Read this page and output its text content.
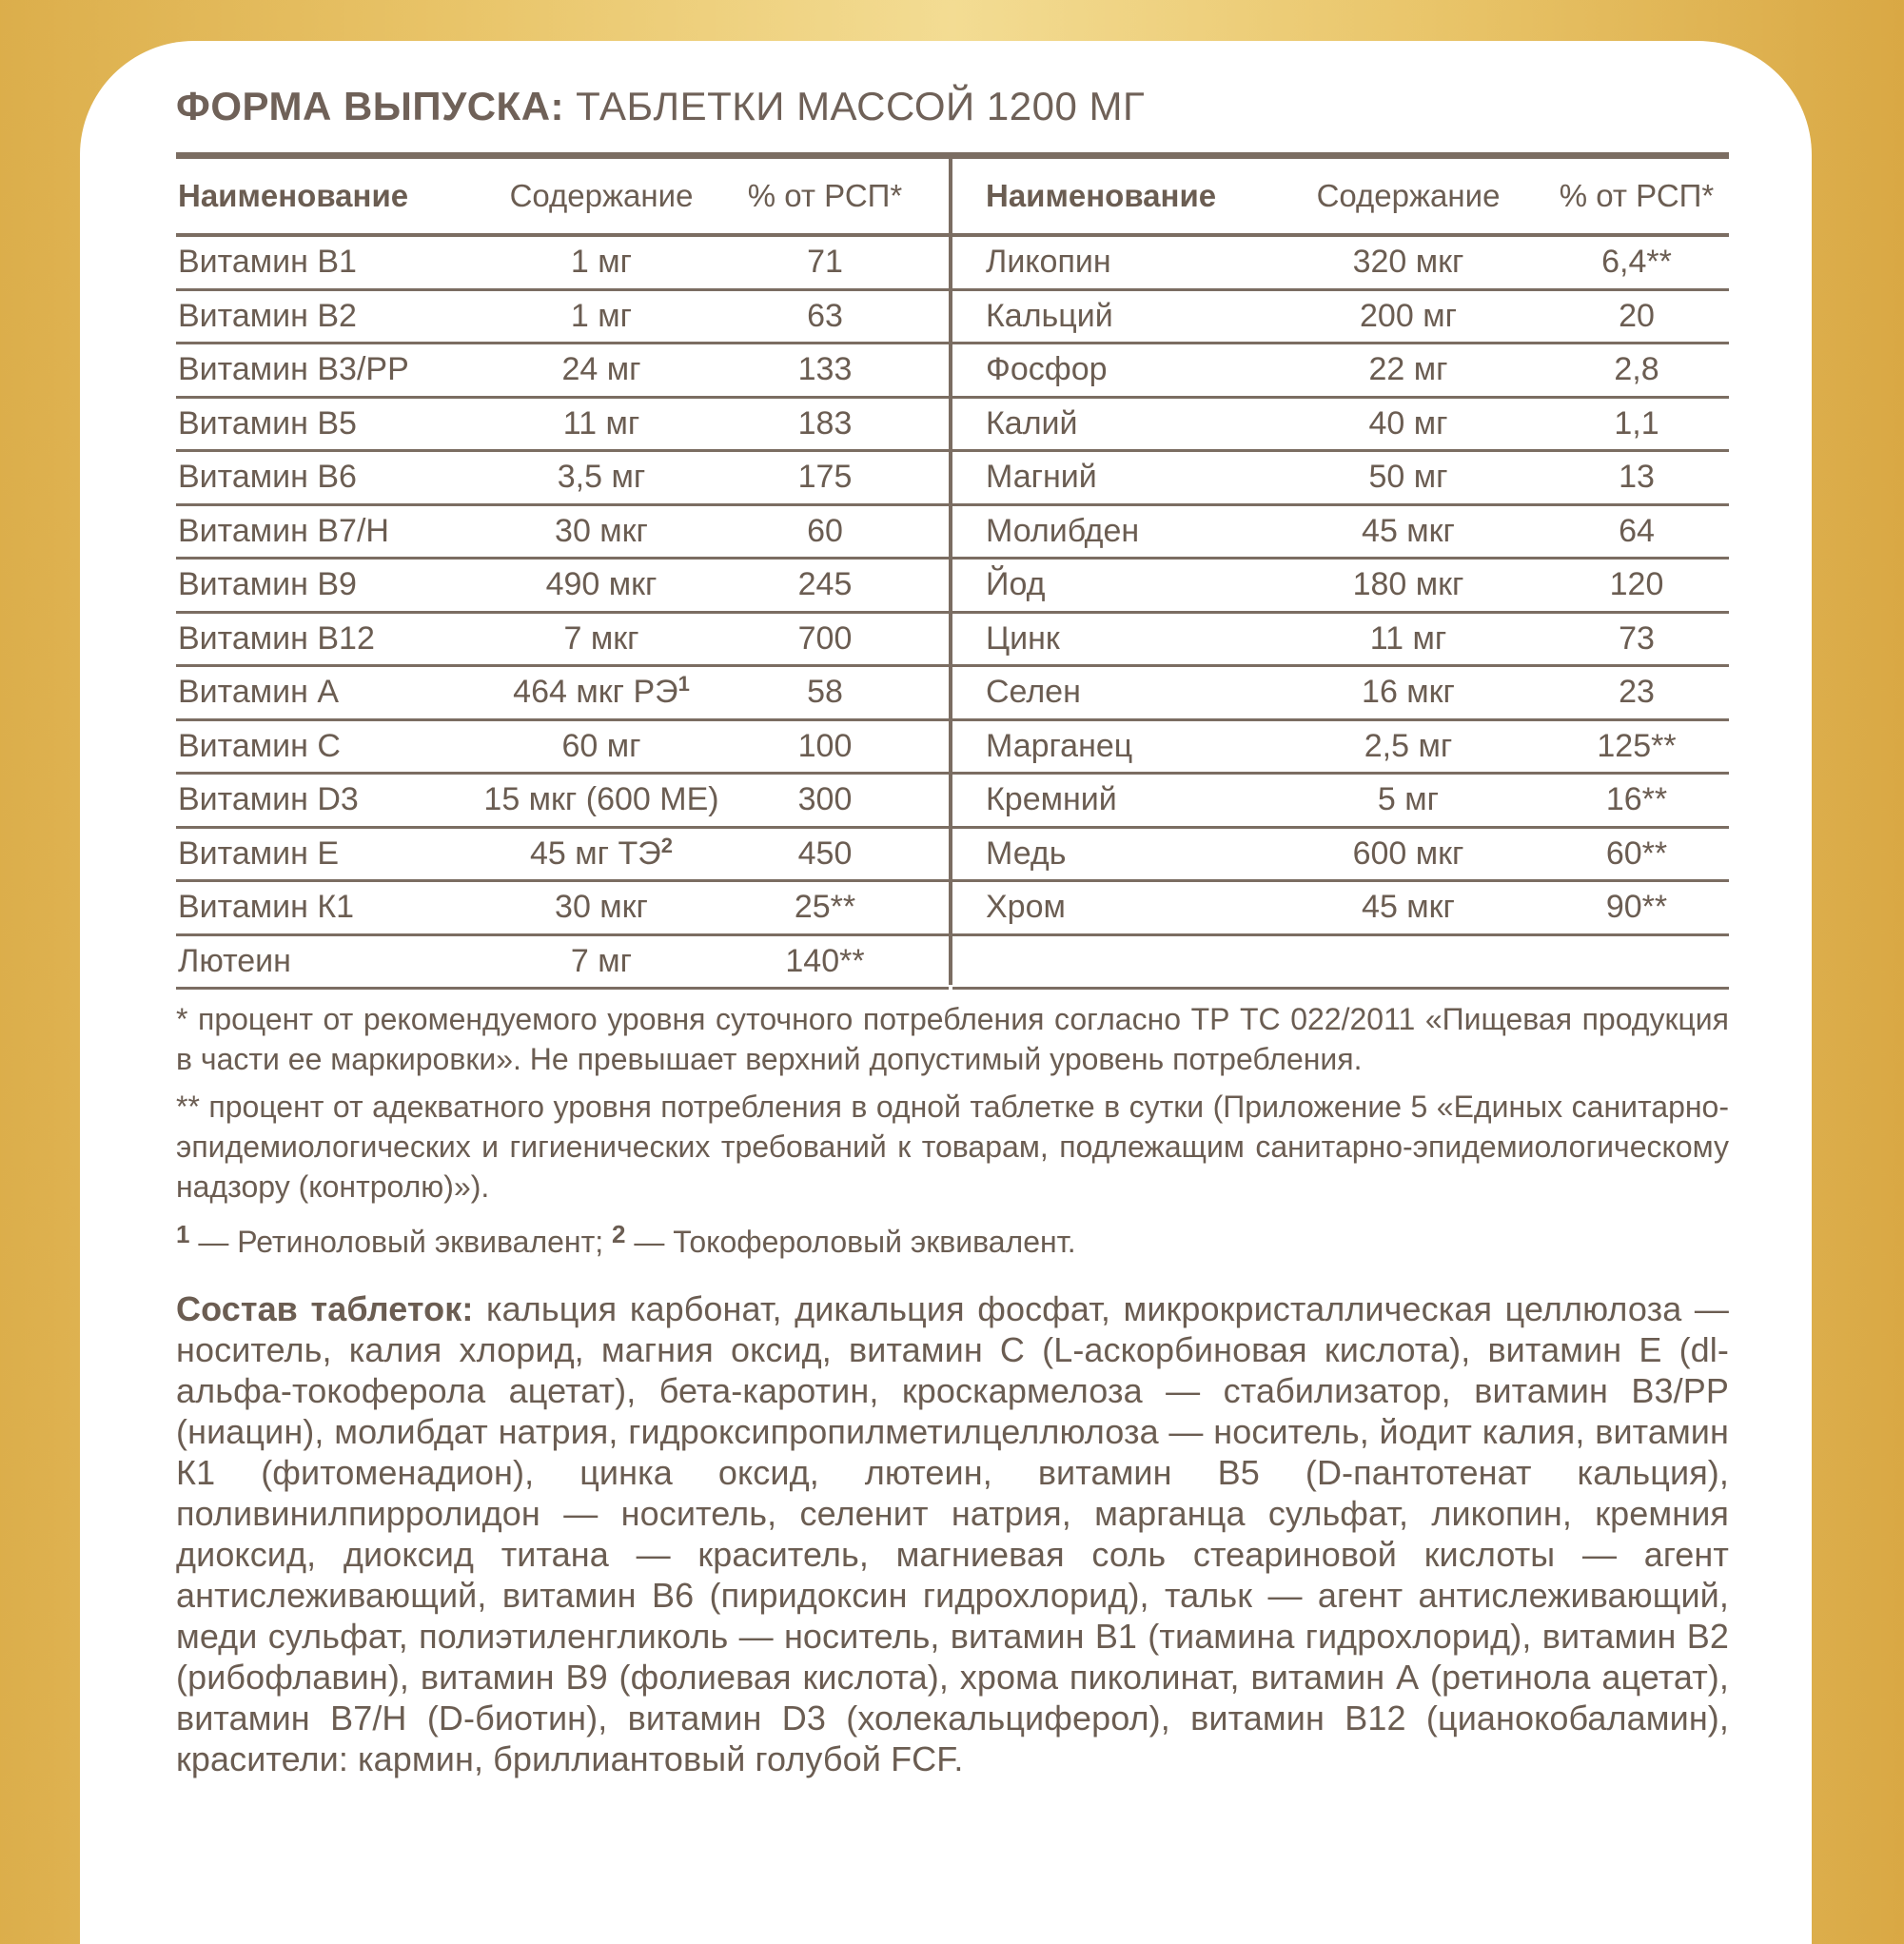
ФОРМА ВЫПУСКА: ТАБЛЕТКИ МАССОЙ 1200 МГ
Наименование	Содержание	% от РСП*
Витамин B1	1 мг	71
Витамин B2	1 мг	63
Витамин B3/PP	24 мг	133
Витамин B5	11 мг	183
Витамин B6	3,5 мг	175
Витамин B7/H	30 мкг	60
Витамин B9	490 мкг	245
Витамин B12	7 мкг	700
Витамин А	464 мкг $РЭ^1$	58
Витамин С	60 мг	100
Витамин D3	15 мкг (600 МЕ)	300
Витамин Е	45 мг $ТЭ^2$	450
Витамин К1	30 мкг	25**
Лютеин	7 мг	140**
Наименование	Содержание	% от РСП*
Ликопин	320 мкг	6,4**
Кальций	200 мг	20
Фосфор	22 мг	2,8
Калий	40 мг	1,1
Магний	50 мг	13
Молибден	45 мкг	64
Йод	180 мкг	120
Цинк	11 мг	73
Селен	16 мкг	23
Марганец	2,5 мг	125**
Кремний	5 мг	16**
Медь	600 мкг	60**
Хром	45 мкг	90**

* процент от рекомендуемого уровня суточного потребления согласно ТР ТС 022/2011 «Пищевая продукция в части ее маркировки». Не превышает верхний допустимый уровень потребления.

** процент от адекватного уровня потребления в одной таблетке в сутки (Приложение 5 «Единых санитарно-эпидемиологических и гигиенических требований к товарам, подлежащим санитарно-эпидемиологическому надзору (контролю)»).

$^1$ — Ретиноловый эквивалент; $^2$ — Токофероловый эквивалент.

Состав таблеток: кальция карбонат, дикальция фосфат, микрокристаллическая целлюлоза — носитель, калия хлорид, магния оксид, витамин С (L-аскорбиновая кислота), витамин Е (dl-альфа-токоферола ацетат), бета-каротин, кроскармелоза — стабилизатор, витамин В3/РР (ниацин), молибдат натрия, гидроксипропилметилцеллюлоза — носитель, йодит калия, витамин К1 (фитоменадион), цинка оксид, лютеин, витамин В5 (D-пантотенат кальция), поливинилпирролидон — носитель, селенит натрия, марганца сульфат, ликопин, кремния диоксид, диоксид титана — краситель, магниевая соль стеариновой кислоты — агент антислеживающий, витамин В6 (пиридоксин гидрохлорид), тальк — агент антислеживающий, меди сульфат, полиэтиленгликоль — носитель, витамин В1 (тиамина гидрохлорид), витамин В2 (рибофлавин), витамин В9 (фолиевая кислота), хрома пиколинат, витамин А (ретинола ацетат), витамин В7/Н (D-биотин), витамин D3 (холекальциферол), витамин В12 (цианокобаламин), красители: кармин, бриллиантовый голубой FCF.
